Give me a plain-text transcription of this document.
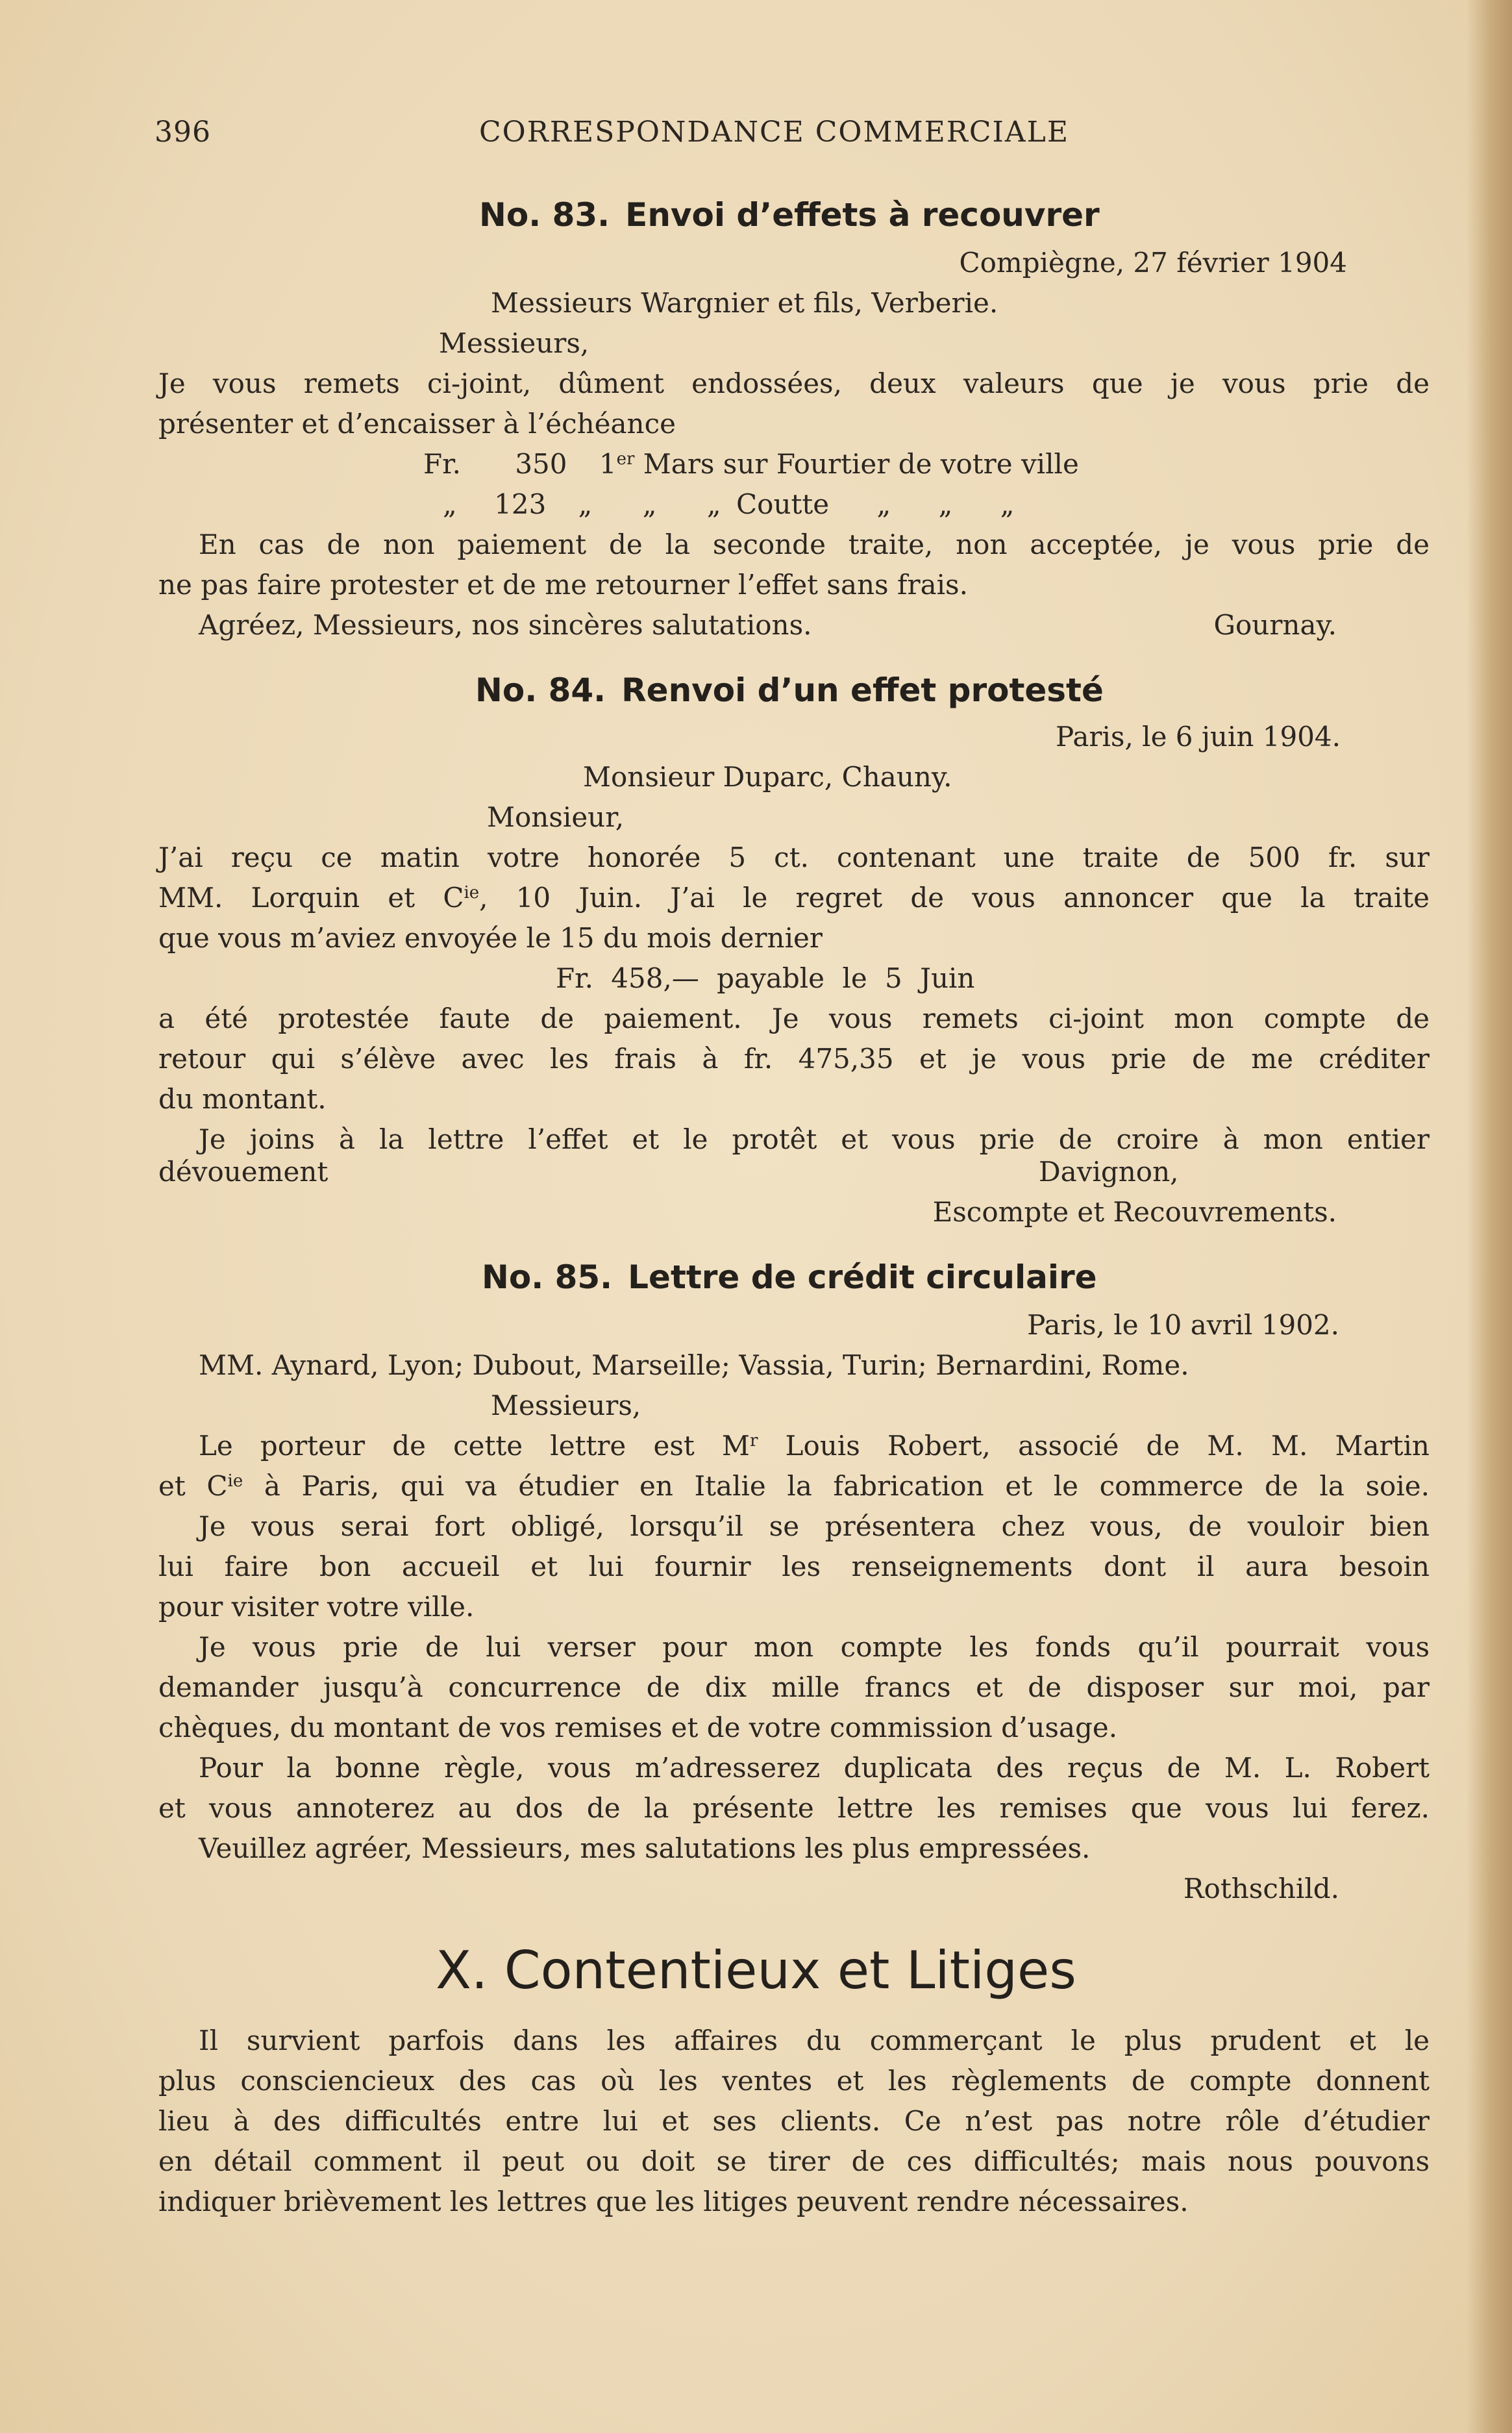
396	CORRESPONDANCE COMMERCIALE
No. 83. Envoi d’effets à recouvrer
Compiègne, 27 février 1904
Messieurs Wargnier et fils, Verberie.
Messieurs,
Je vous remets ci-joint, dûment endossées, deux valeurs que je vous prie de
présenter et d’encaisser à l’échéance
Fr. 350 1er Mars sur Fourtier de votre ville
„ 123 „ „ „ Coutte „ „ „
En cas de non paiement de la seconde traite, non acceptée, je vous prie de
ne pas faire protester et de me retourner l’effet sans frais.
Agréez, Messieurs, nos sincères salutations.	Gournay.
No. 84. Renvoi d’un effet protesté
Paris, le 6 juin 1904.
Monsieur Duparc, Chauny.
Monsieur,
J’ai reçu ce matin votre honorée 5 ct. contenant une traite de 500 fr. sur
MM. Lorquin et $C^{ie}$, 10 Juin. J’ai le regret de vous annoncer que la traite
que vous m’aviez envoyée le 15 du mois dernier
Fr. 458,— payable le 5 Juin
a été protestée faute de paiement. Je vous remets ci-joint mon compte de
retour qui s’élève avec les frais à fr. 475,35 et je vous prie de me créditer
du montant.
Je joins à la lettre l’effet et le protêt et vous prie de croire à mon entier
dévouement	Davignon,
Escompte et Recouvrements.
No. 85. Lettre de crédit circulaire
Paris, le 10 avril 1902.
MM. Aynard, Lyon; Dubout, Marseille; Vassia, Turin; Bernardini, Rome.
Messieurs,
Le porteur de cette lettre est $M^r$ Louis Robert, associé de M. M. Martin
et $C^{ie}$ à Paris, qui va étudier en Italie la fabrication et le commerce de la soie.
Je vous serai fort obligé, lorsqu’il se présentera chez vous, de vouloir bien
lui faire bon accueil et lui fournir les renseignements dont il aura besoin
pour visiter votre ville.
Je vous prie de lui verser pour mon compte les fonds qu’il pourrait vous
demander jusqu’à concurrence de dix mille francs et de disposer sur moi, par
chèques, du montant de vos remises et de votre commission d’usage.
Pour la bonne règle, vous m’adresserez duplicata des reçus de M. L. Robert
et vous annoterez au dos de la présente lettre les remises que vous lui ferez.
Veuillez agréer, Messieurs, mes salutations les plus empressées.
Rothschild.
X. Contentieux et Litiges
Il survient parfois dans les affaires du commerçant le plus prudent et le
plus consciencieux des cas où les ventes et les règlements de compte donnent
lieu à des difficultés entre lui et ses clients. Ce n’est pas notre rôle d’étudier
en détail comment il peut ou doit se tirer de ces difficultés; mais nous pouvons
indiquer brièvement les lettres que les litiges peuvent rendre nécessaires.
